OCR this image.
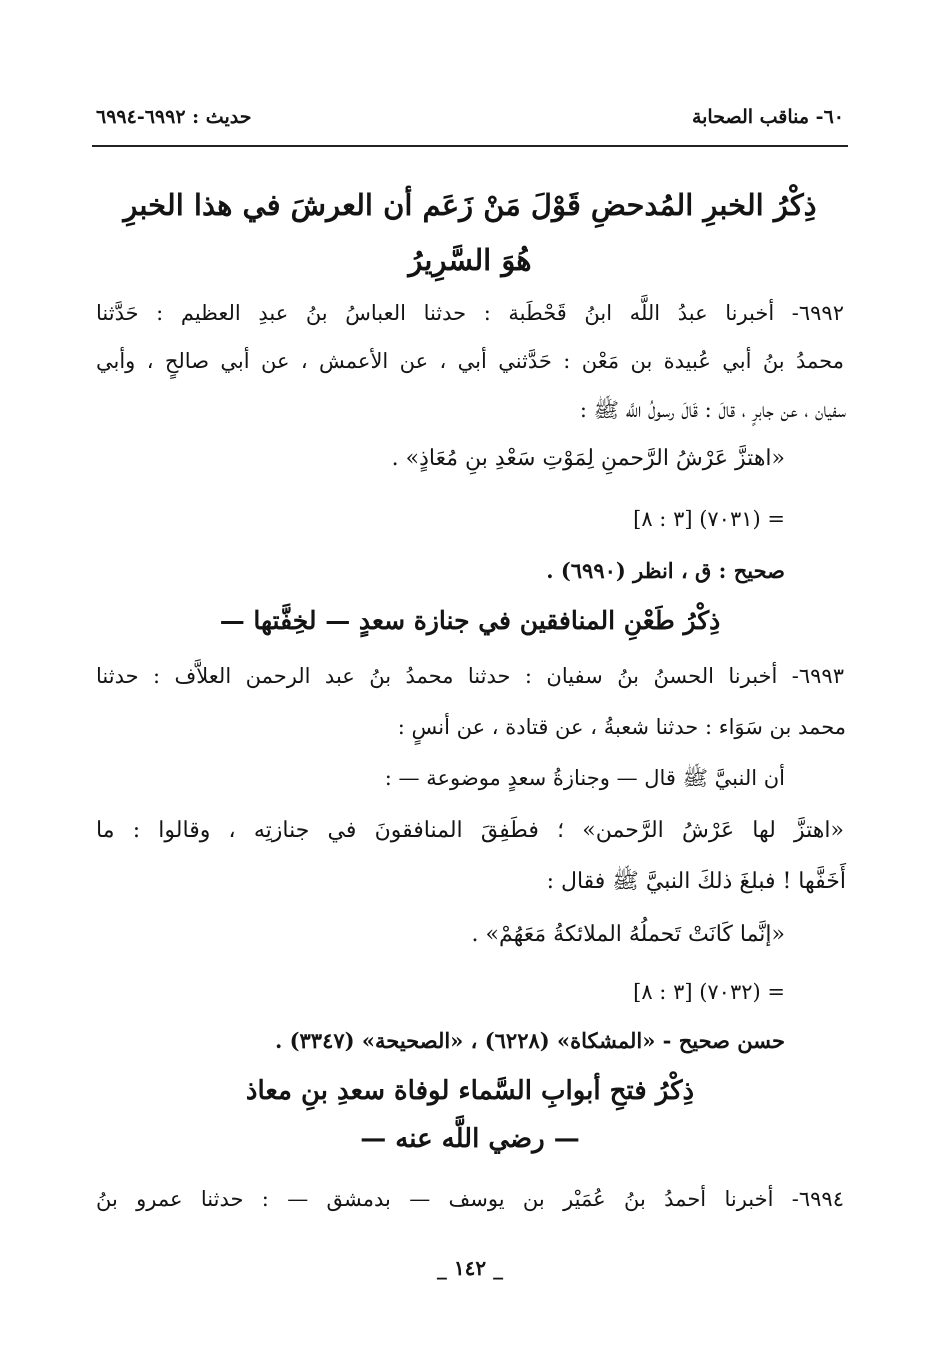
٦٠- مناقب الصحابة
حديث : ٦٩٩٢-٦٩٩٤
ذِكْرُ الخبرِ المُدحضِ قَوْلَ مَنْ زَعَم أن العرشَ في هذا الخبرِ
هُوَ السَّرِيرُ
٦٩٩٢- أخبرنا عبدُ اللَّه ابنُ قَحْطَبة : حدثنا العباسُ بنُ عبدِ العظيم : حَدَّثنا
محمدُ بنُ أبي عُبيدة بن مَعْن : حَدَّثني أبي ، عن الأعمش ، عن أبي صالحٍ ، وأبي
سفيان ، عن جابرٍ ، قالَ : قَالَ رسولُ اللَّه ﷺ :
«اهتزَّ عَرْشُ الرَّحمنِ لِمَوْتِ سَعْدِ بنِ مُعَاذٍ» .
= (٧٠٣١) [٣ : ٨]
صحيح : ق ، انظر (٦٩٩٠) .
ذِكْرُ طَعْنِ المنافقين في جنازة سعدٍ — لخِفَّتها —
٦٩٩٣- أخبرنا الحسنُ بنُ سفيان : حدثنا محمدُ بنُ عبد الرحمن العلاَّف : حدثنا
محمد بن سَوَاء : حدثنا شعبةُ ، عن قتادة ، عن أنسٍ :
أن النبيَّ ﷺ قال — وجنازةُ سعدٍ موضوعة — :
«اهتزَّ لها عَرْشُ الرَّحمن» ؛ فطَفِقَ المنافقونَ في جنازتِه ، وقالوا : ما
أَخَفَّها ! فبلغَ ذلكَ النبيَّ ﷺ فقال :
«إنَّما كَانَتْ تَحملُهُ الملائكةُ مَعَهُمْ» .
= (٧٠٣٢) [٣ : ٨]
حسن صحيح - «المشكاة» (٦٢٢٨) ، «الصحيحة» (٣٣٤٧) .
ذِكْرُ فتحِ أبوابِ السَّماء لوفاة سعدِ بنِ معاذ
— رضي اللَّه عنه —
٦٩٩٤- أخبرنا أحمدُ بنُ عُمَيْر بن يوسف — بدمشق — : حدثنا عمرو بنُ
_ ١٤٢ _
